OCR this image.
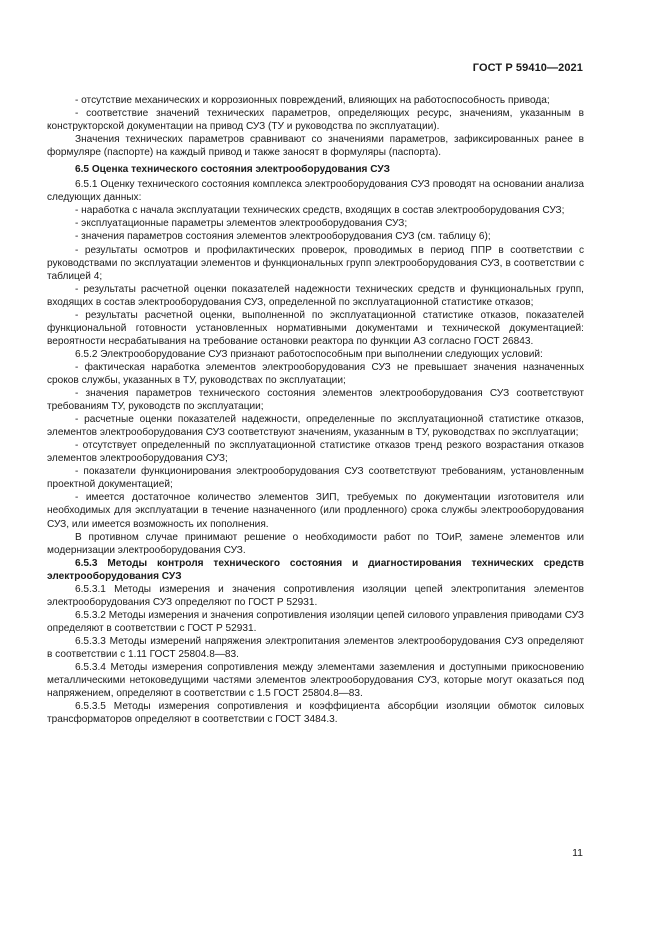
ГОСТ Р 59410—2021

- отсутствие механических и коррозионных повреждений, влияющих на работоспособность привода;

- соответствие значений технических параметров, определяющих ресурс, значениям, указанным в конструкторской документации на привод СУЗ (ТУ и руководства по эксплуатации).

Значения технических параметров сравнивают со значениями параметров, зафиксированных ранее в формуляре (паспорте) на каждый привод и также заносят в формуляры (паспорта).

6.5 Оценка технического состояния электрооборудования СУЗ

6.5.1 Оценку технического состояния комплекса электрооборудования СУЗ проводят на основании анализа следующих данных:

- наработка с начала эксплуатации технических средств, входящих в состав электрооборудования СУЗ;

- эксплуатационные параметры элементов электрооборудования СУЗ;

- значения параметров состояния элементов электрооборудования СУЗ (см. таблицу 6);

- результаты осмотров и профилактических проверок, проводимых в период ППР в соответствии с руководствами по эксплуатации элементов и функциональных групп электрооборудования СУЗ, в соответствии с таблицей 4;

- результаты расчетной оценки показателей надежности технических средств и функциональных групп, входящих в состав электрооборудования СУЗ, определенной по эксплуатационной статистике отказов;

- результаты расчетной оценки, выполненной по эксплуатационной статистике отказов, показателей функциональной готовности установленных нормативными документами и технической документацией: вероятности несрабатывания на требование остановки реактора по функции АЗ согласно ГОСТ 26843.

6.5.2 Электрооборудование СУЗ признают работоспособным при выполнении следующих условий:

- фактическая наработка элементов электрооборудования СУЗ не превышает значения назначенных сроков службы, указанных в ТУ, руководствах по эксплуатации;

- значения параметров технического состояния элементов электрооборудования СУЗ соответствуют требованиям ТУ, руководств по эксплуатации;

- расчетные оценки показателей надежности, определенные по эксплуатационной статистике отказов, элементов электрооборудования СУЗ соответствуют значениям, указанным в ТУ, руководствах по эксплуатации;

- отсутствует определенный по эксплуатационной статистике отказов тренд резкого возрастания отказов элементов электрооборудования СУЗ;

- показатели функционирования электрооборудования СУЗ соответствуют требованиям, установленным проектной документацией;

- имеется достаточное количество элементов ЗИП, требуемых по документации изготовителя или необходимых для эксплуатации в течение назначенного (или продленного) срока службы электрооборудования СУЗ, или имеется возможность их пополнения.

В противном случае принимают решение о необходимости работ по ТОиР, замене элементов или модернизации электрооборудования СУЗ.

6.5.3 Методы контроля технического состояния и диагностирования технических средств электрооборудования СУЗ

6.5.3.1 Методы измерения и значения сопротивления изоляции цепей электропитания элементов электрооборудования СУЗ определяют по ГОСТ Р 52931.

6.5.3.2 Методы измерения и значения сопротивления изоляции цепей силового управления приводами СУЗ определяют в соответствии с ГОСТ Р 52931.

6.5.3.3 Методы измерений напряжения электропитания элементов электрооборудования СУЗ определяют в соответствии с 1.11 ГОСТ 25804.8—83.

6.5.3.4 Методы измерения сопротивления между элементами заземления и доступными прикосновению металлическими нетоковедущими частями элементов электрооборудования СУЗ, которые могут оказаться под напряжением, определяют в соответствии с 1.5 ГОСТ 25804.8—83.

6.5.3.5 Методы измерения сопротивления и коэффициента абсорбции изоляции обмоток силовых трансформаторов определяют в соответствии с ГОСТ 3484.3.

11
